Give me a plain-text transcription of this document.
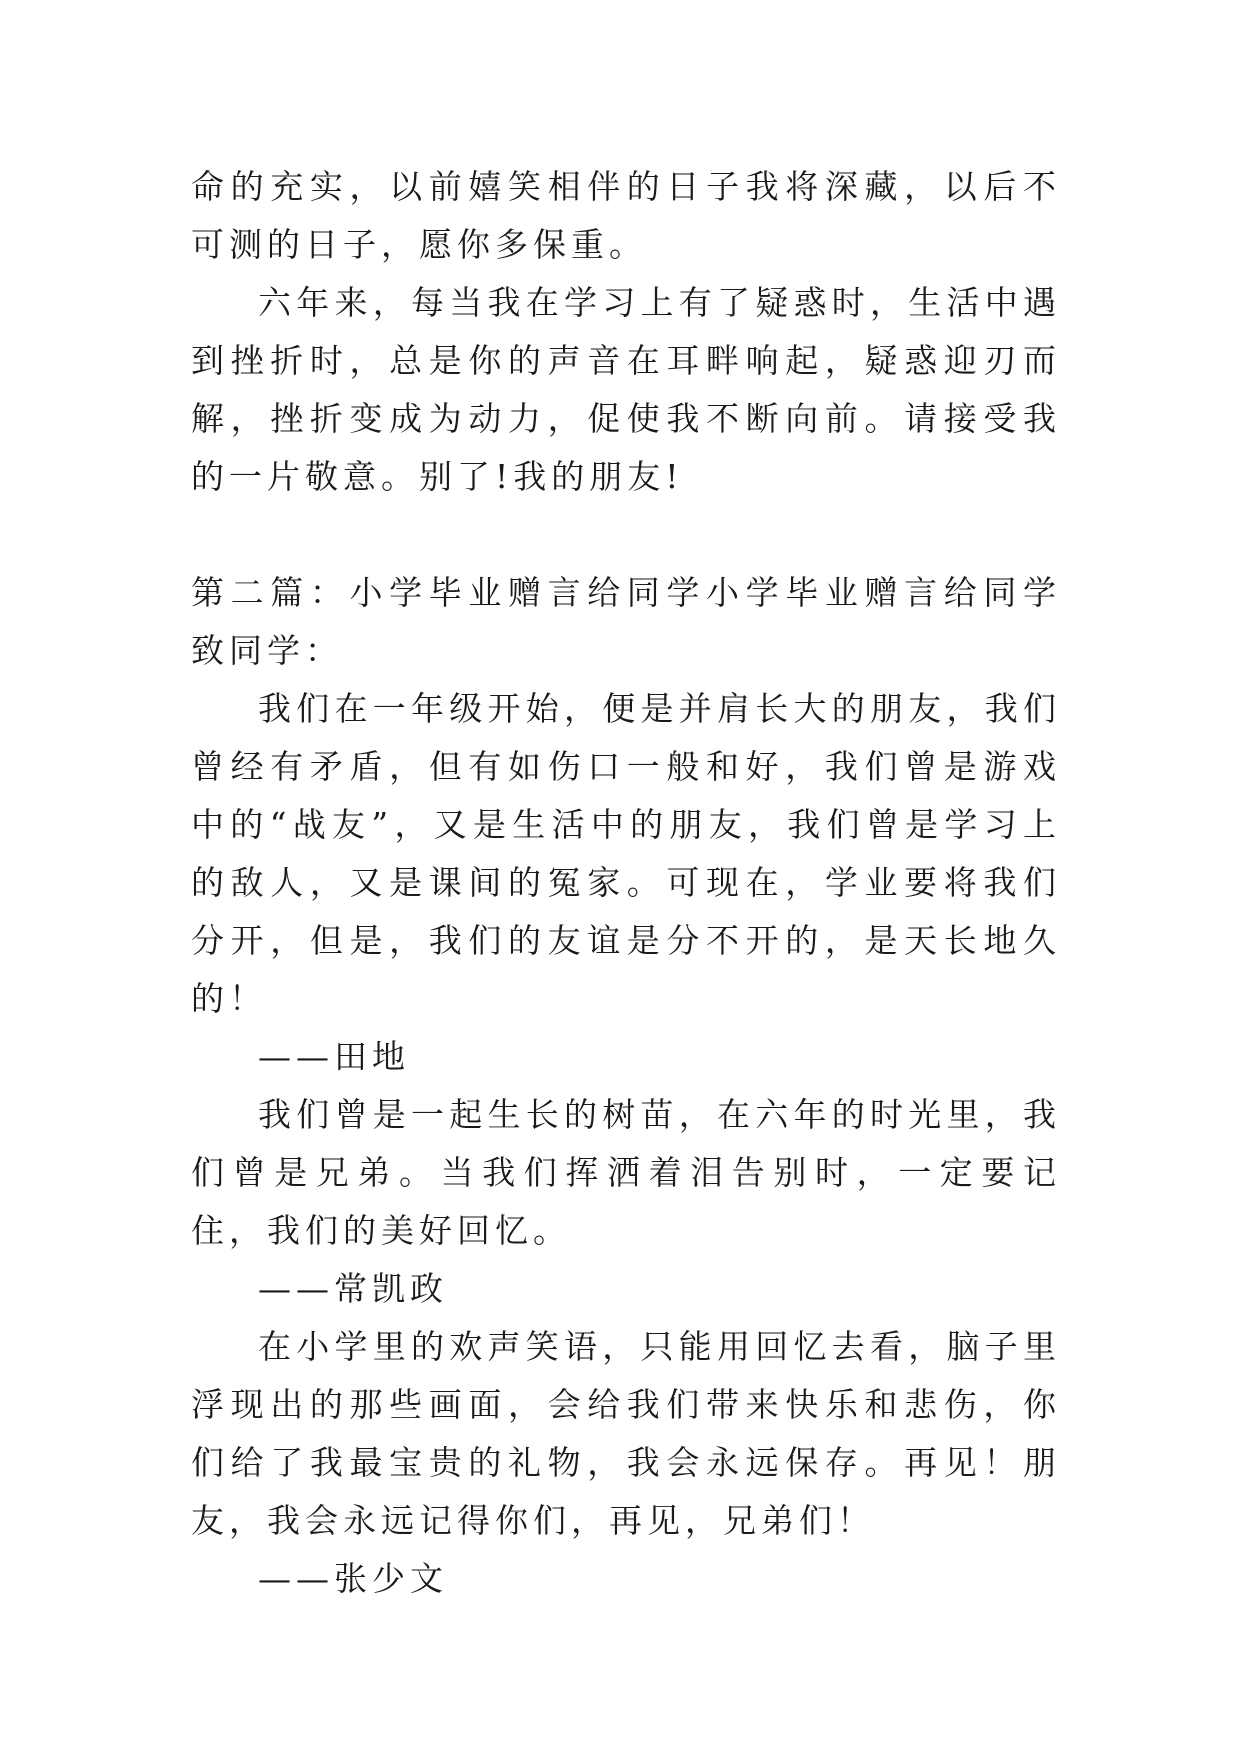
命的充实，以前嬉笑相伴的日子我将深藏，以后不可测的日子，愿你多保重。

六年来，每当我在学习上有了疑惑时，生活中遇到挫折时，总是你的声音在耳畔响起，疑惑迎刃而解，挫折变成为动力，促使我不断向前。请接受我的一片敬意。别了!我的朋友!

第二篇：小学毕业赠言给同学小学毕业赠言给同学　　致同学：

我们在一年级开始，便是并肩长大的朋友，我们曾经有矛盾，但有如伤口一般和好，我们曾是游戏中的“战友”，又是生活中的朋友，我们曾是学习上的敌人，又是课间的冤家。可现在，学业要将我们分开，但是，我们的友谊是分不开的，是天长地久的！

——田地

我们曾是一起生长的树苗，在六年的时光里，我们曾是兄弟。当我们挥洒着泪告别时，一定要记住，我们的美好回忆。

——常凯政

在小学里的欢声笑语，只能用回忆去看，脑子里浮现出的那些画面，会给我们带来快乐和悲伤，你们给了我最宝贵的礼物，我会永远保存。再见！朋友，我会永远记得你们，再见，兄弟们！

——张少文
